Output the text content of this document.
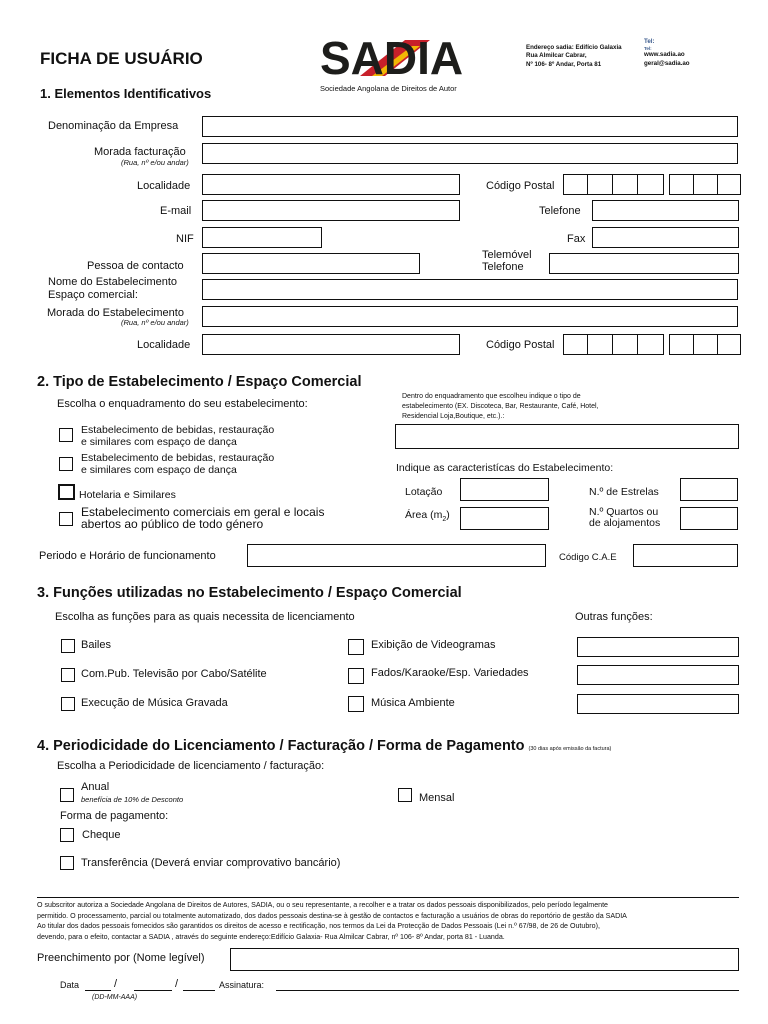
FICHA DE USUÁRIO	SADIA
Sociedade Angolana de Direitos de Autor
Endereço sadia: Edifício Galaxia
Rua Almilcar Cabrar,
Nº 106- 8º Andar, Porta 81
Tel:
Tel:
www.sadia.ao
geral@sadia.ao
1. Elementos Identificativos
Denominação da Empresa
Morada facturação
(Rua, nº e/ou andar)
Localidade	Código Postal
E-mail	Telefone
NIF	Fax
Pessoa de contacto
Telemóvel
Telefone
Nome do Estabelecimento
Espaço comercial:
Morada do Estabelecimento
(Rua, nº e/ou andar)
Localidade	Código Postal
2. Tipo de Estabelecimento / Espaço Comercial
Escolha o enquadramento do seu estabelecimento:
Dentro do enquadramento que escolheu indique o tipo de
estabelecimento (EX. Discoteca, Bar, Restaurante, Café, Hotel,
Residencial Loja,Boutique, etc.).:
Estabelecimento de bebidas, restauração
e similares com espaço de dança
Estabelecimento de bebidas, restauração
e similares com espaço de dança	Indique as caracteristícas do Estabelecimento:
Hotelaria e Similares	Lotação	N.º de Estrelas
Estabelecimento comerciais em geral e locais
abertos ao público de todo género
Área $(m_2)$	N.º Quartos ou
de alojamentos
Periodo e Horário de funcionamento	Código C.A.E
3. Funções utilizadas no Estabelecimento / Espaço Comercial
Escolha as funções para as quais necessita de licenciamento	Outras funções:
Bailes	Exibição de Videogramas
Com.Pub. Televisão por Cabo/Satélite	Fados/Karaoke/Esp. Variedades
Execução de Música Gravada	Música Ambiente
4. Periodicidade do Licenciamento / Facturação / Forma de Pagamento (30 dias após emissão da factura)
Escolha a Periodicidade de licenciamento / facturação:
Anual
benefícia de 10% de Desconto	Mensal
Forma de pagamento:
Cheque
Transferência (Deverá enviar comprovativo bancário)
O subscritor autoriza a Sociedade Angolana de Direitos de Autores, SADIA, ou o seu representante, a recolher e a tratar os dados pessoais disponibilizados, pelo período legalmente
permitido. O processamento, parcial ou totalmente automatizado, dos dados pessoais destina-se à gestão de contactos e facturação a usuários de obras do reportório de gestão da SADIA
Ao titular dos dados pessoais fornecidos são garantidos os direitos de acesso e rectificação, nos termos da Lei da Protecção de Dados Pessoais (Lei n.º 67/98, de 26 de Outubro),
devendo, para o efeito, contactar a SADIA , através do seguinte endereço:Edifício Galaxia- Rua Almilcar Cabrar, nº 106- 8º Andar, porta 81 - Luanda.
Preenchimento por (Nome legível)
Data	/	/
(DD-MM-AAA)
Assinatura:
